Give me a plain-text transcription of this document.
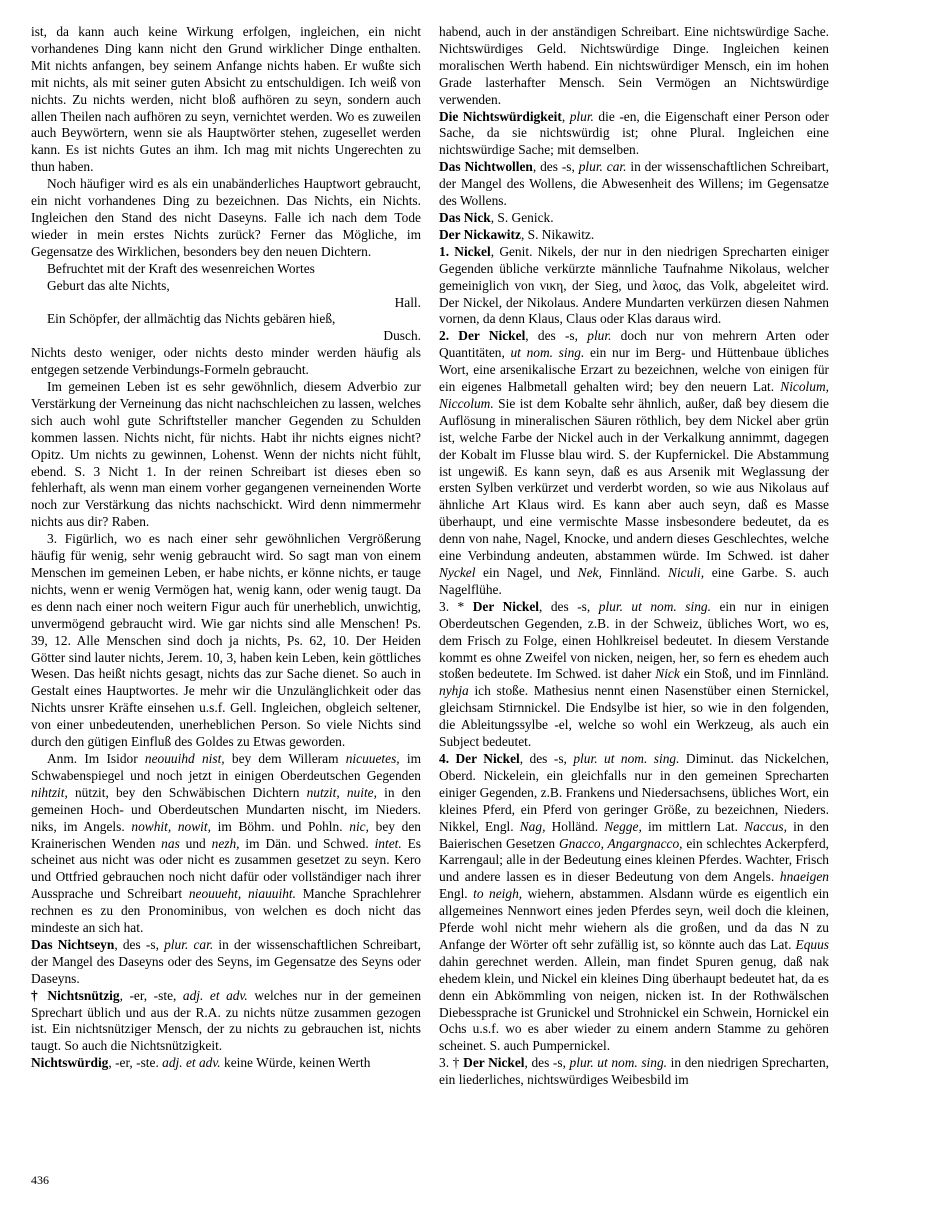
ist, da kann auch keine Wirkung erfolgen, ingleichen, ein nicht vorhandenes Ding kann nicht den Grund wirklicher Dinge enthalten. Mit nichts anfangen, bey seinem Anfange nichts haben. Er wußte sich mit nichts, als mit seiner guten Absicht zu entschuldigen. Ich weiß von nichts. Zu nichts werden, nicht bloß aufhören zu seyn, sondern auch allen Theilen nach aufhören zu seyn, vernichtet werden. Wo es zuweilen auch Beywörtern, wenn sie als Hauptwörter stehen, zugesellet werden kann. Es ist nichts Gutes an ihm. Ich mag mit nichts Ungerechten zu thun haben.

Noch häufiger wird es als ein unabänderliches Hauptwort gebraucht, ein nicht vorhandenes Ding zu bezeichnen. Das Nichts, ein Nichts. Ingleichen den Stand des nicht Daseyns. Falle ich nach dem Tode wieder in mein erstes Nichts zurück? Ferner das Mögliche, im Gegensatze des Wirklichen, besonders bey den neuen Dichtern.

Befruchtet mit der Kraft des wesenreichen Wortes

Geburt das alte Nichts,

Hall.

Ein Schöpfer, der allmächtig das Nichts gebären hieß,

Dusch.

Nichts desto weniger, oder nichts desto minder werden häufig als entgegen setzende Verbindungs-Formeln gebraucht.

Im gemeinen Leben ist es sehr gewöhnlich, diesem Adverbio zur Verstärkung der Verneinung das nicht nachschleichen zu lassen, welches sich auch wohl gute Schriftsteller mancher Gegenden zu Schulden kommen lassen. Nichts nicht, für nichts. Habt ihr nichts eignes nicht? Opitz. Um nichts zu gewinnen, Lohenst. Wenn der nichts nicht fühlt, ebend. S. 3 Nicht 1. In der reinen Schreibart ist dieses eben so fehlerhaft, als wenn man einem vorher gegangenen verneinenden Worte noch zur Verstärkung das nichts nachschickt. Wird denn nimmermehr nichts aus dir? Raben.

3. Figürlich, wo es nach einer sehr gewöhnlichen Vergrößerung häufig für wenig, sehr wenig gebraucht wird. So sagt man von einem Menschen im gemeinen Leben, er habe nichts, er könne nichts, er tauge nichts, wenn er wenig Vermögen hat, wenig kann, oder wenig taugt. Da es denn nach einer noch weitern Figur auch für unerheblich, unwichtig, unvermögend gebraucht wird. Wie gar nichts sind alle Menschen! Ps. 39, 12. Alle Menschen sind doch ja nichts, Ps. 62, 10. Der Heiden Götter sind lauter nichts, Jerem. 10, 3, haben kein Leben, kein göttliches Wesen. Das heißt nichts gesagt, nichts das zur Sache dienet. So auch in Gestalt eines Hauptwortes. Je mehr wir die Unzulänglichkeit oder das Nichts unsrer Kräfte einsehen u.s.f. Gell. Ingleichen, obgleich seltener, von einer unbedeutenden, unerheblichen Person. So viele Nichts sind durch den gütigen Einfluß des Goldes zu Etwas geworden.

Anm. Im Isidor neouuihd nist, bey dem Willeram nicuuetes, im Schwabenspiegel und noch jetzt in einigen Oberdeutschen Gegenden nihtzit, nützit, bey den Schwäbischen Dichtern nutzit, nuite, in den gemeinen Hoch- und Oberdeutschen Mundarten nischt, im Nieders. niks, im Angels. nowhit, nowit, im Böhm. und Pohln. nic, bey den Krainerischen Wenden nas und nezh, im Dän. und Schwed. intet. Es scheinet aus nicht was oder nicht es zusammen gesetzet zu seyn. Kero und Ottfried gebrauchen noch nicht dafür oder vollständiger nach ihrer Aussprache und Schreibart neouueht, niauuiht. Manche Sprachlehrer rechnen es zu den Pronominibus, von welchen es doch nicht das mindeste an sich hat.

Das Nichtseyn, des -s, plur. car. in der wissenschaftlichen Schreibart, der Mangel des Daseyns oder des Seyns, im Gegensatze des Seyns oder Daseyns.

† Nichtsnützig, -er, -ste, adj. et adv. welches nur in der gemeinen Sprechart üblich und aus der R.A. zu nichts nütze zusammen gezogen ist. Ein nichtsnütziger Mensch, der zu nichts zu gebrauchen ist, nichts taugt. So auch die Nichtsnützigkeit.

Nichtswürdig, -er, -ste. adj. et adv. keine Würde, keinen Werth

habend, auch in der anständigen Schreibart. Eine nichtswürdige Sache. Nichtswürdiges Geld. Nichtswürdige Dinge. Ingleichen keinen moralischen Werth habend. Ein nichtswürdiger Mensch, ein im hohen Grade lasterhafter Mensch. Sein Vermögen an Nichtswürdige verwenden.

Die Nichtswürdigkeit, plur. die -en, die Eigenschaft einer Person oder Sache, da sie nichtswürdig ist; ohne Plural. Ingleichen eine nichtswürdige Sache; mit demselben.

Das Nichtwollen, des -s, plur. car. in der wissenschaftlichen Schreibart, der Mangel des Wollens, die Abwesenheit des Willens; im Gegensatze des Wollens.

Das Nick, S. Genick.

Der Nickawitz, S. Nikawitz.

1. Nickel, Genit. Nikels, der nur in den niedrigen Sprecharten einiger Gegenden übliche verkürzte männliche Taufnahme Nikolaus, welcher gemeiniglich von νικη, der Sieg, und λαος, das Volk, abgeleitet wird. Der Nickel, der Nikolaus. Andere Mundarten verkürzen diesen Nahmen vornen, da denn Klaus, Claus oder Klas daraus wird.

2. Der Nickel, des -s, plur. doch nur von mehrern Arten oder Quantitäten, ut nom. sing. ein nur im Berg- und Hüttenbaue übliches Wort, eine arsenikalische Erzart zu bezeichnen, welche von einigen für ein eigenes Halbmetall gehalten wird; bey den neuern Lat. Nicolum, Niccolum. Sie ist dem Kobalte sehr ähnlich, außer, daß bey diesem die Auflösung in mineralischen Säuren röthlich, bey dem Nickel aber grün ist, welche Farbe der Nickel auch in der Verkalkung annimmt, dagegen der Kobalt im Flusse blau wird. S. der Kupfernickel. Die Abstammung ist ungewiß. Es kann seyn, daß es aus Arsenik mit Weglassung der ersten Sylben verkürzet und verderbt worden, so wie aus Nikolaus auf ähnliche Art Klaus wird. Es kann aber auch seyn, daß es Masse überhaupt, und eine vermischte Masse insbesondere bedeutet, da es denn von nahe, Nagel, Knocke, und andern dieses Geschlechtes, welche eine Verbindung andeuten, abstammen würde. Im Schwed. ist daher Nyckel ein Nagel, und Nek, Finnländ. Niculi, eine Garbe. S. auch Nagelflühe.

3. * Der Nickel, des -s, plur. ut nom. sing. ein nur in einigen Oberdeutschen Gegenden, z.B. in der Schweiz, übliches Wort, wo es, dem Frisch zu Folge, einen Hohlkreisel bedeutet. In diesem Verstande kommt es ohne Zweifel von nicken, neigen, her, so fern es ehedem auch stoßen bedeutete. Im Schwed. ist daher Nick ein Stoß, und im Finnländ. nyhja ich stoße. Mathesius nennt einen Nasenstüber einen Sternickel, gleichsam Stirnnickel. Die Endsylbe ist hier, so wie in den folgenden, die Ableitungssylbe -el, welche so wohl ein Werkzeug, als auch ein Subject bedeutet.

4. Der Nickel, des -s, plur. ut nom. sing. Diminut. das Nickelchen, Oberd. Nickelein, ein gleichfalls nur in den gemeinen Sprecharten einiger Gegenden, z.B. Frankens und Niedersachsens, übliches Wort, ein kleines Pferd, ein Pferd von geringer Größe, zu bezeichnen, Nieders. Nikkel, Engl. Nag, Holländ. Negge, im mittlern Lat. Naccus, in den Baierischen Gesetzen Gnacco, Angargnacco, ein schlechtes Ackerpferd, Karrengaul; alle in der Bedeutung eines kleinen Pferdes. Wachter, Frisch und andere lassen es in dieser Bedeutung von dem Angels. hnaeigen Engl. to neigh, wiehern, abstammen. Alsdann würde es eigentlich ein allgemeines Nennwort eines jeden Pferdes seyn, weil doch die kleinen, Pferde wohl nicht mehr wiehern als die großen, und da das N zu Anfange der Wörter oft sehr zufällig ist, so könnte auch das Lat. Equus dahin gerechnet werden. Allein, man findet Spuren genug, daß nak ehedem klein, und Nickel ein kleines Ding überhaupt bedeutet hat, da es denn ein Abkömmling von neigen, nicken ist. In der Rothwälschen Diebessprache ist Grunickel und Strohnickel ein Schwein, Hornickel ein Ochs u.s.f. wo es aber wieder zu einem andern Stamme zu gehören scheinet. S. auch Pumpernickel.

3. † Der Nickel, des -s, plur. ut nom. sing. in den niedrigen Sprecharten, ein liederliches, nichtswürdiges Weibesbild im

436
